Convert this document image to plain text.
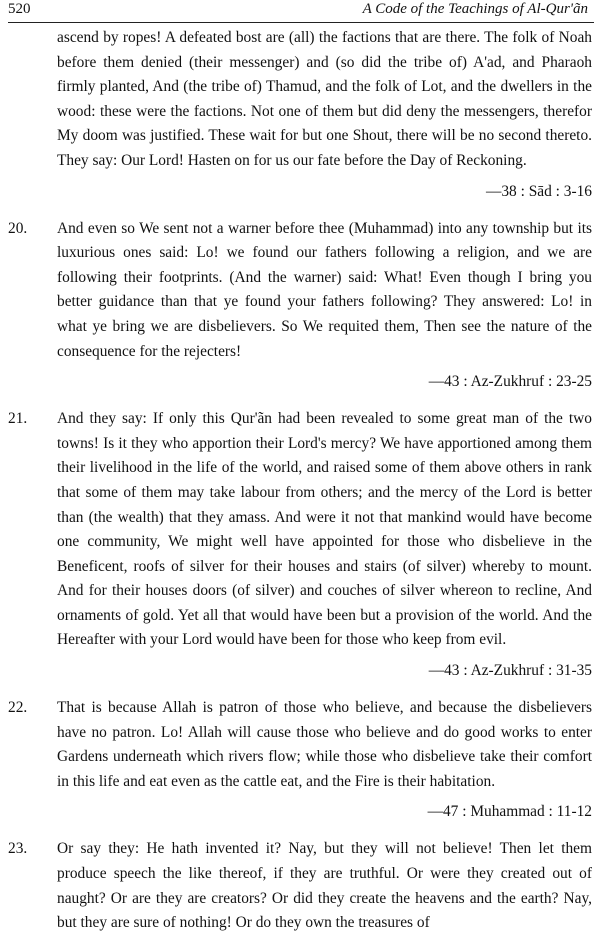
520	A Code of the Teachings of Al-Qur'ãn

ascend by ropes! A defeated bost are (all) the factions that are there. The folk of Noah before them denied (their messenger) and (so did the tribe of) A'ad, and Pharaoh firmly planted, And (the tribe of) Thamud, and the folk of Lot, and the dwellers in the wood: these were the factions. Not one of them but did deny the messengers, therefor My doom was justified. These wait for but one Shout, there will be no second thereto. They say: Our Lord! Hasten on for us our fate before the Day of Reckoning.

—38 : Sād : 3-16
20. And even so We sent not a warner before thee (Muhammad) into any township but its luxurious ones said: Lo! we found our fathers following a religion, and we are following their footprints. (And the warner) said: What! Even though I bring you better guidance than that ye found your fathers following? They answered: Lo! in what ye bring we are disbelievers. So We requited them, Then see the nature of the consequence for the rejecters!

—43 : Az-Zukhruf : 23-25
21. And they say: If only this Qur'ãn had been revealed to some great man of the two towns! Is it they who apportion their Lord's mercy? We have apportioned among them their livelihood in the life of the world, and raised some of them above others in rank that some of them may take labour from others; and the mercy of the Lord is better than (the wealth) that they amass. And were it not that mankind would have become one community, We might well have appointed for those who disbelieve in the Beneficent, roofs of silver for their houses and stairs (of silver) whereby to mount. And for their houses doors (of silver) and couches of silver whereon to recline, And ornaments of gold. Yet all that would have been but a provision of the world. And the Hereafter with your Lord would have been for those who keep from evil.

—43 : Az-Zukhruf : 31-35
22. That is because Allah is patron of those who believe, and because the disbelievers have no patron. Lo! Allah will cause those who believe and do good works to enter Gardens underneath which rivers flow; while those who disbelieve take their comfort in this life and eat even as the cattle eat, and the Fire is their habitation.

—47 : Muhammad : 11-12
23. Or say they: He hath invented it? Nay, but they will not believe! Then let them produce speech the like thereof, if they are truthful. Or were they created out of naught? Or are they are creators? Or did they create the heavens and the earth? Nay, but they are sure of nothing! Or do they own the treasures of
